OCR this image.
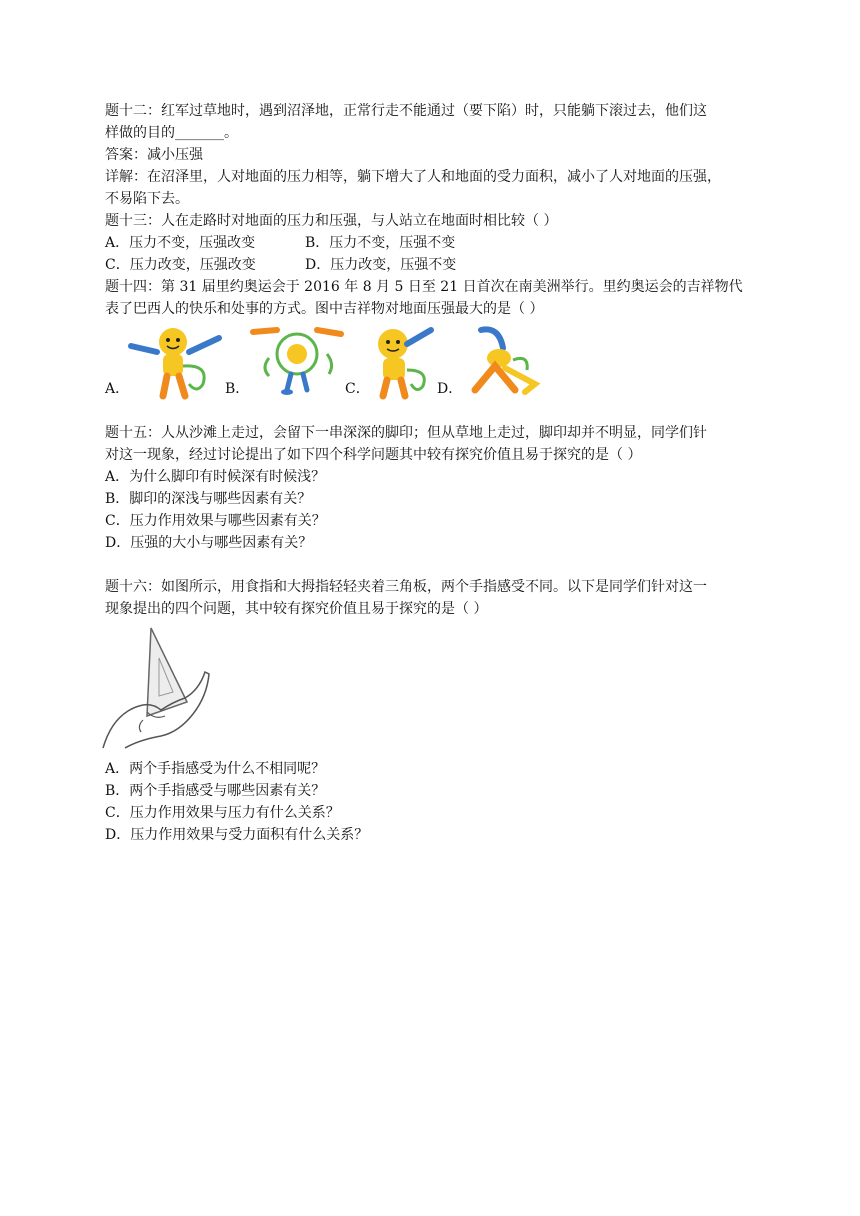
题十二：红军过草地时，遇到沼泽地，正常行走不能通过（要下陷）时，只能躺下滚过去，他们这
样做的目的_______。
答案：减小压强
详解：在沼泽里，人对地面的压力相等，躺下增大了人和地面的受力面积，减小了人对地面的压强，
不易陷下去。
题十三：人在走路时对地面的压力和压强，与人站立在地面时相比较（ ）
A．压力不变，压强改变	B．压力不变，压强不变
C．压力改变，压强改变	D．压力改变，压强不变
题十四：第 31 届里约奥运会于 2016 年 8 月 5 日至 21 日首次在南美洲举行。里约奥运会的吉祥物代
表了巴西人的快乐和处事的方式。图中吉祥物对地面压强最大的是（ ）
A．	B．	C．	D．
题十五：人从沙滩上走过，会留下一串深深的脚印；但从草地上走过，脚印却并不明显，同学们针
对这一现象，经过讨论提出了如下四个科学问题其中较有探究价值且易于探究的是（ ）
A．为什么脚印有时候深有时候浅？
B．脚印的深浅与哪些因素有关？
C．压力作用效果与哪些因素有关？
D．压强的大小与哪些因素有关？
题十六：如图所示，用食指和大拇指轻轻夹着三角板，两个手指感受不同。以下是同学们针对这一
现象提出的四个问题，其中较有探究价值且易于探究的是（ ）
A．两个手指感受为什么不相同呢？
B．两个手指感受与哪些因素有关？
C．压力作用效果与压力有什么关系？
D．压力作用效果与受力面积有什么关系？
